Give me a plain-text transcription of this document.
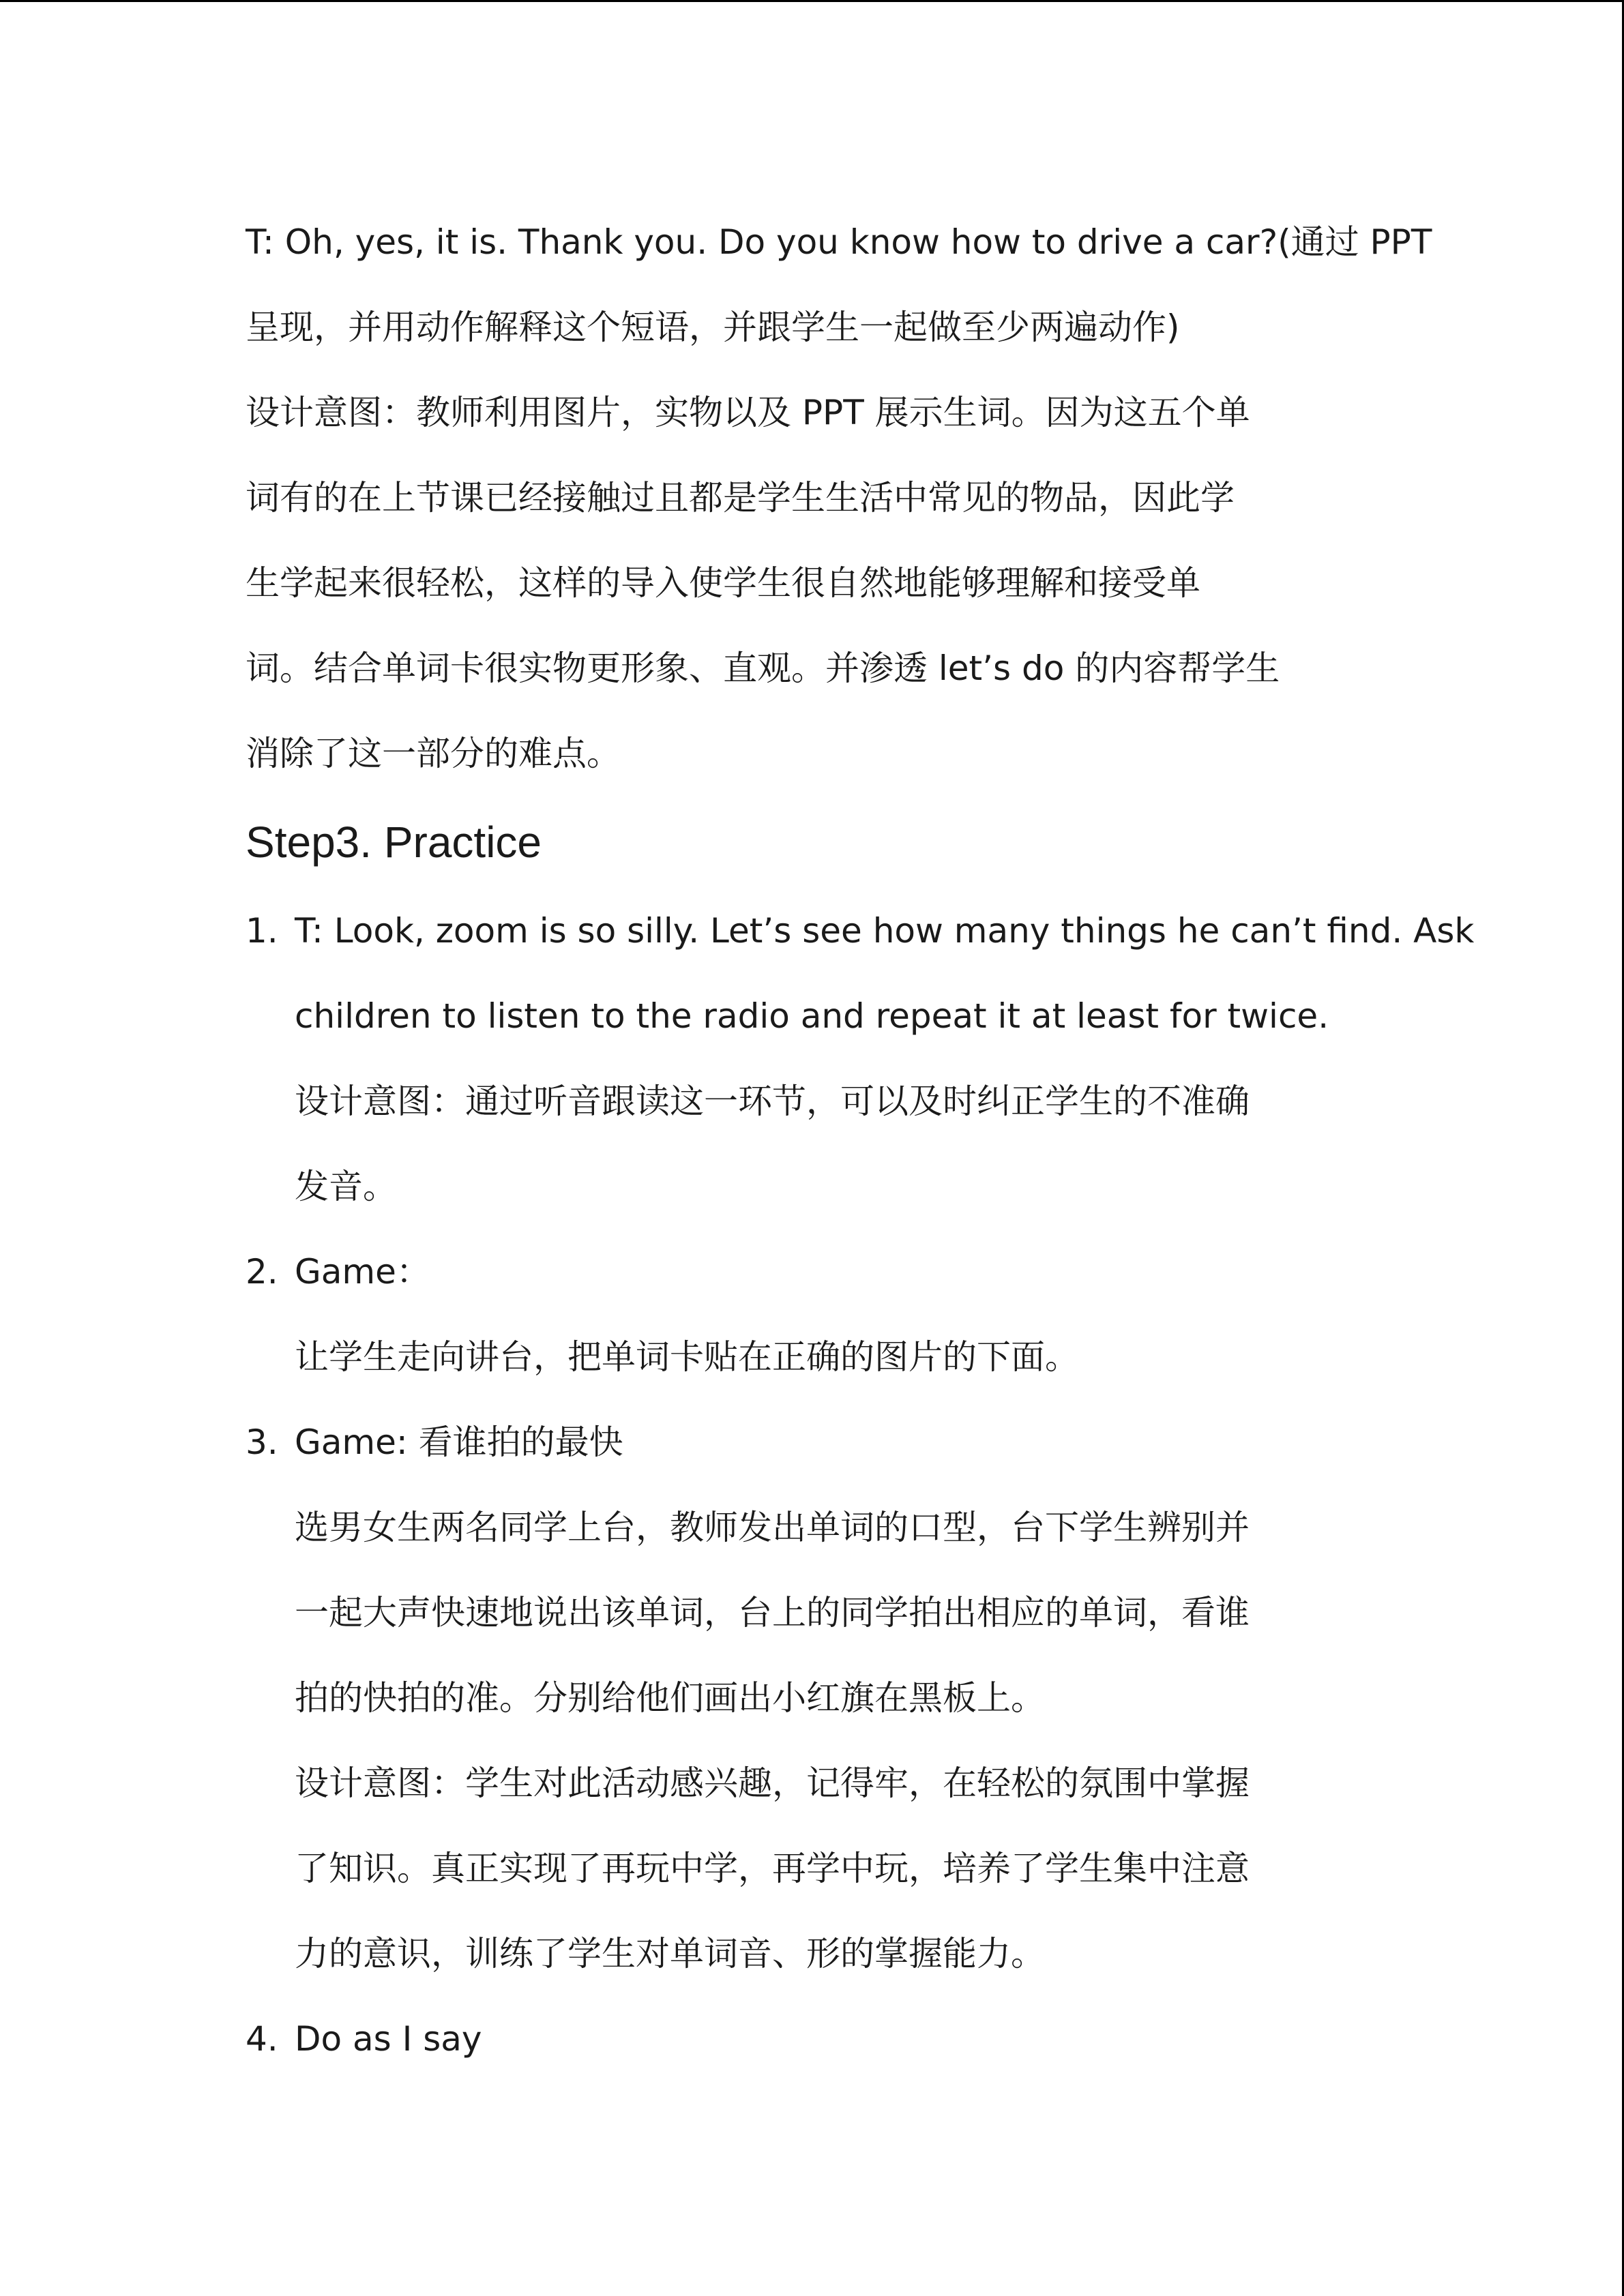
T: Oh, yes, it is. Thank you. Do you know how to drive a car?(通过 PPT
呈现，并用动作解释这个短语，并跟学生一起做至少两遍动作)
设计意图：教师利用图片，实物以及 PPT 展示生词。因为这五个单
词有的在上节课已经接触过且都是学生生活中常见的物品，因此学
生学起来很轻松，这样的导入使学生很自然地能够理解和接受单
词。结合单词卡很实物更形象、直观。并渗透 let’s do 的内容帮学生
消除了这一部分的难点。
Step3. Practice
1. T: Look, zoom is so silly. Let’s see how many things he can’t find. Ask
children to listen to the radio and repeat it at least for twice.
设计意图：通过听音跟读这一环节，可以及时纠正学生的不准确
发音。
2. Game：
让学生走向讲台，把单词卡贴在正确的图片的下面。
3. Game: 看谁拍的最快
选男女生两名同学上台，教师发出单词的口型，台下学生辨别并
一起大声快速地说出该单词，台上的同学拍出相应的单词，看谁
拍的快拍的准。分别给他们画出小红旗在黑板上。
设计意图：学生对此活动感兴趣，记得牢，在轻松的氛围中掌握
了知识。真正实现了再玩中学，再学中玩，培养了学生集中注意
力的意识，训练了学生对单词音、形的掌握能力。
4. Do as I say
